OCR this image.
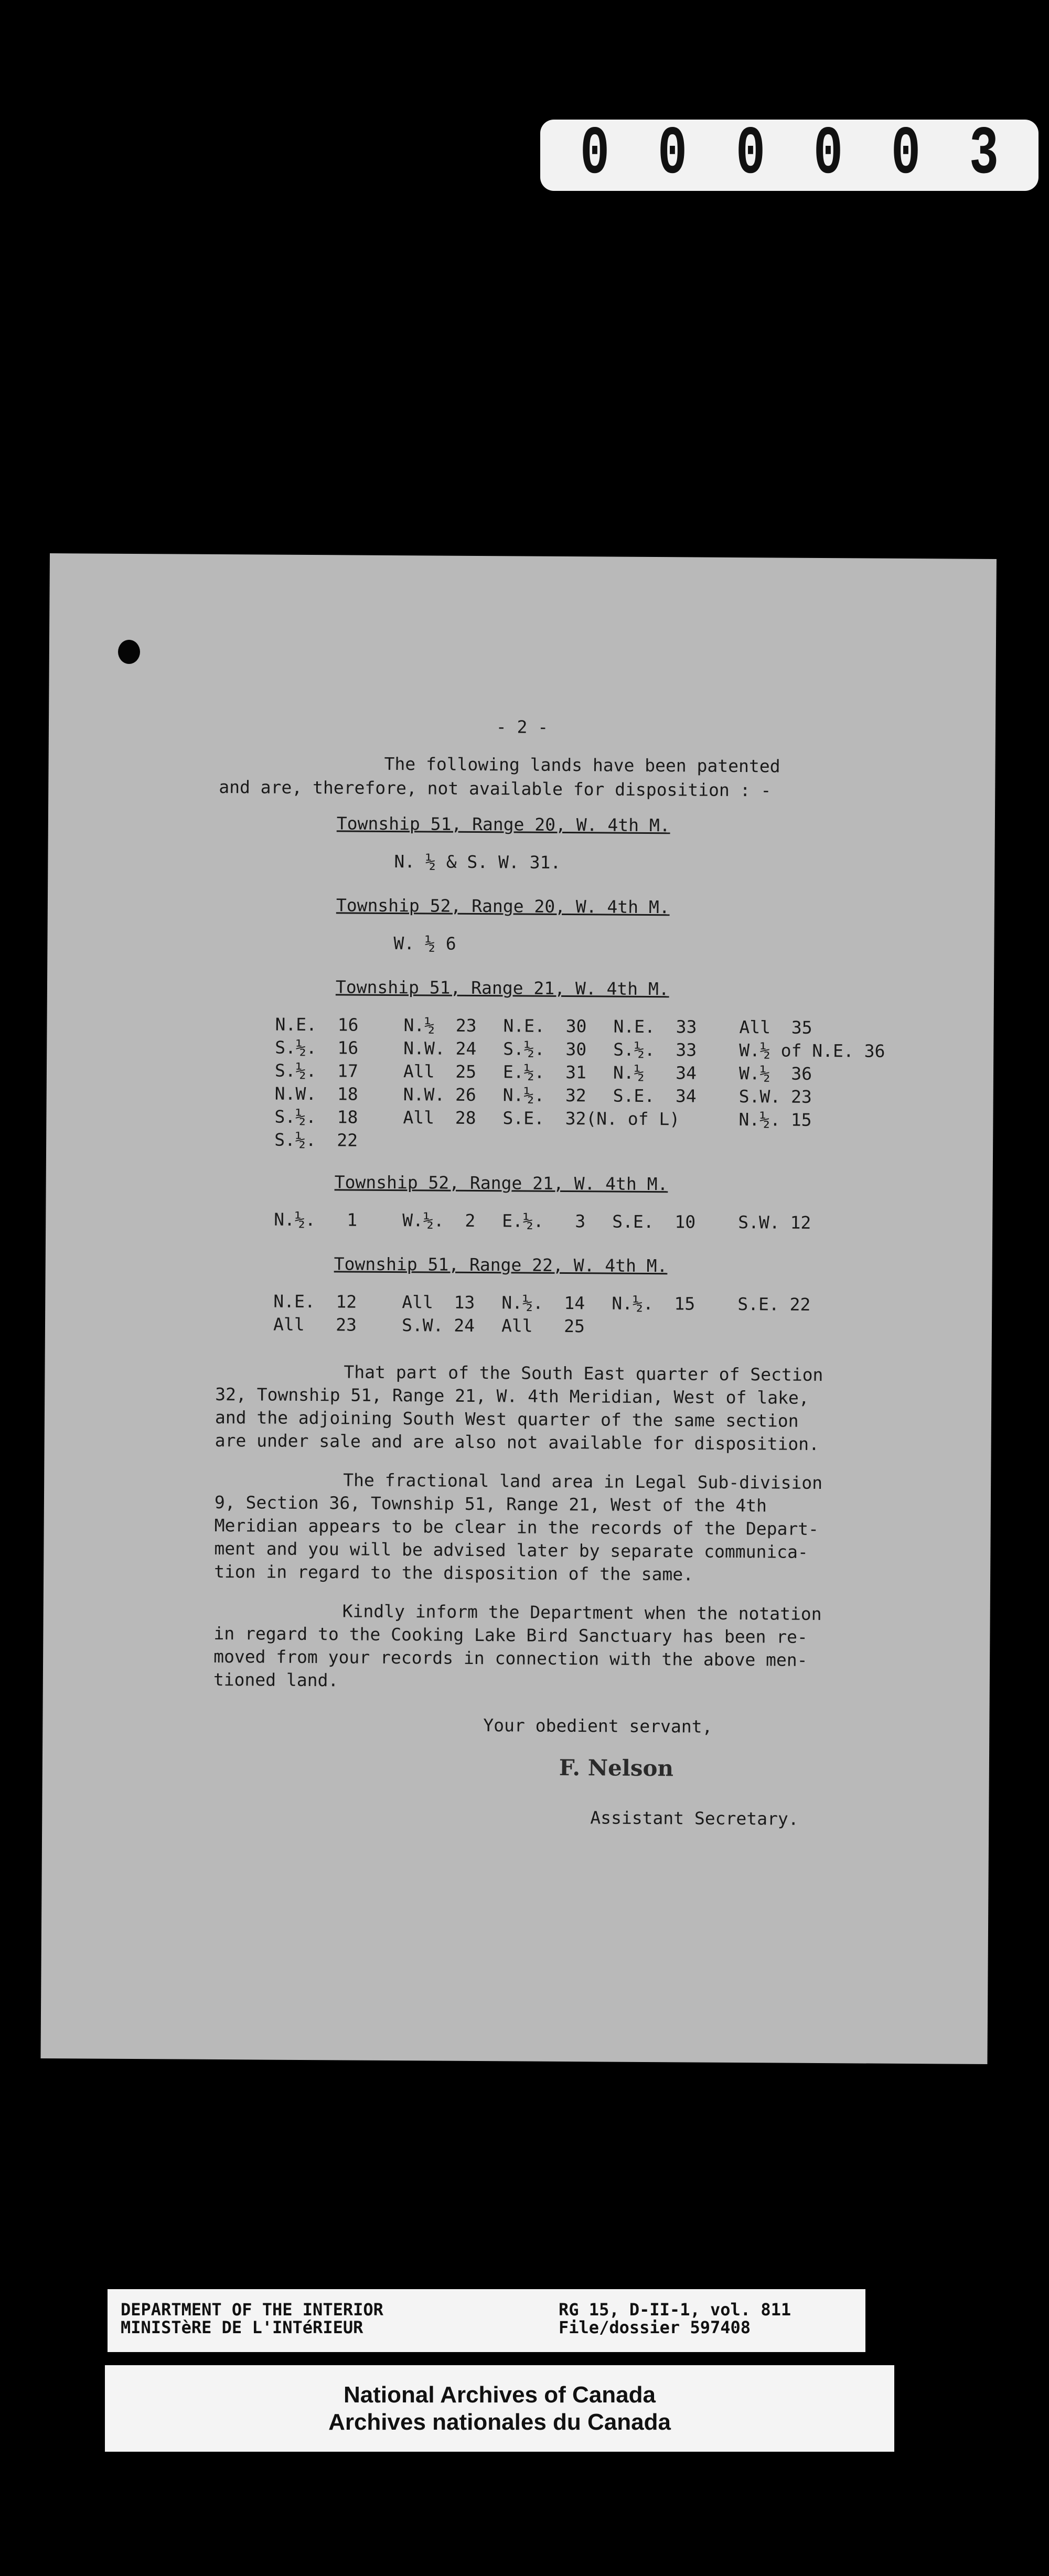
0 0 0 0 0 3
- 2 -
The following lands have been patented
and are, therefore, not available for disposition : -
Township 51, Range 20, W. 4th M.
N. ½ & S. W. 31.
Township 52, Range 20, W. 4th M.
W. ½ 6
Township 51, Range 21, W. 4th M.
N.E.  16	N.½  23 N.E.  30 N.E.  33 All  35
S.½.  16	N.W. 24 S.½.  30 S.½.  33 W.½ of N.E. 36
S.½.  17	All  25 E.½.  31 N.½   34 W.½  36
N.W.  18	N.W. 26 N.½.  32 S.E.  34 S.W. 23
S.½.  18	All  28 S.E.  32(N. of L)	N.½. 15
S.½.  22
Township 52, Range 21, W. 4th M.
N.½.   1	W.½.  2 E.½.   3 S.E.  10 S.W. 12
Township 51, Range 22, W. 4th M.
N.E.  12	All  13 N.½.  14 N.½.  15 S.E. 22
All   23	S.W. 24 All   25
That part of the South East quarter of Section
32, Township 51, Range 21, W. 4th Meridian, West of lake,
and the adjoining South West quarter of the same section
are under sale and are also not available for disposition.
The fractional land area in Legal Sub-division
9, Section 36, Township 51, Range 21, West of the 4th
Meridian appears to be clear in the records of the Depart-
ment and you will be advised later by separate communica-
tion in regard to the disposition of the same.
Kindly inform the Department when the notation
in regard to the Cooking Lake Bird Sanctuary has been re-
moved from your records in connection with the above men-
tioned land.
Your obedient servant,
F. Nelson
Assistant Secretary.
DEPARTMENT OF THE INTERIOR
MINISTèRE DE L'INTéRIEUR
RG 15, D-II-1, vol. 811
File/dossier 597408
National Archives of Canada
Archives nationales du Canada
